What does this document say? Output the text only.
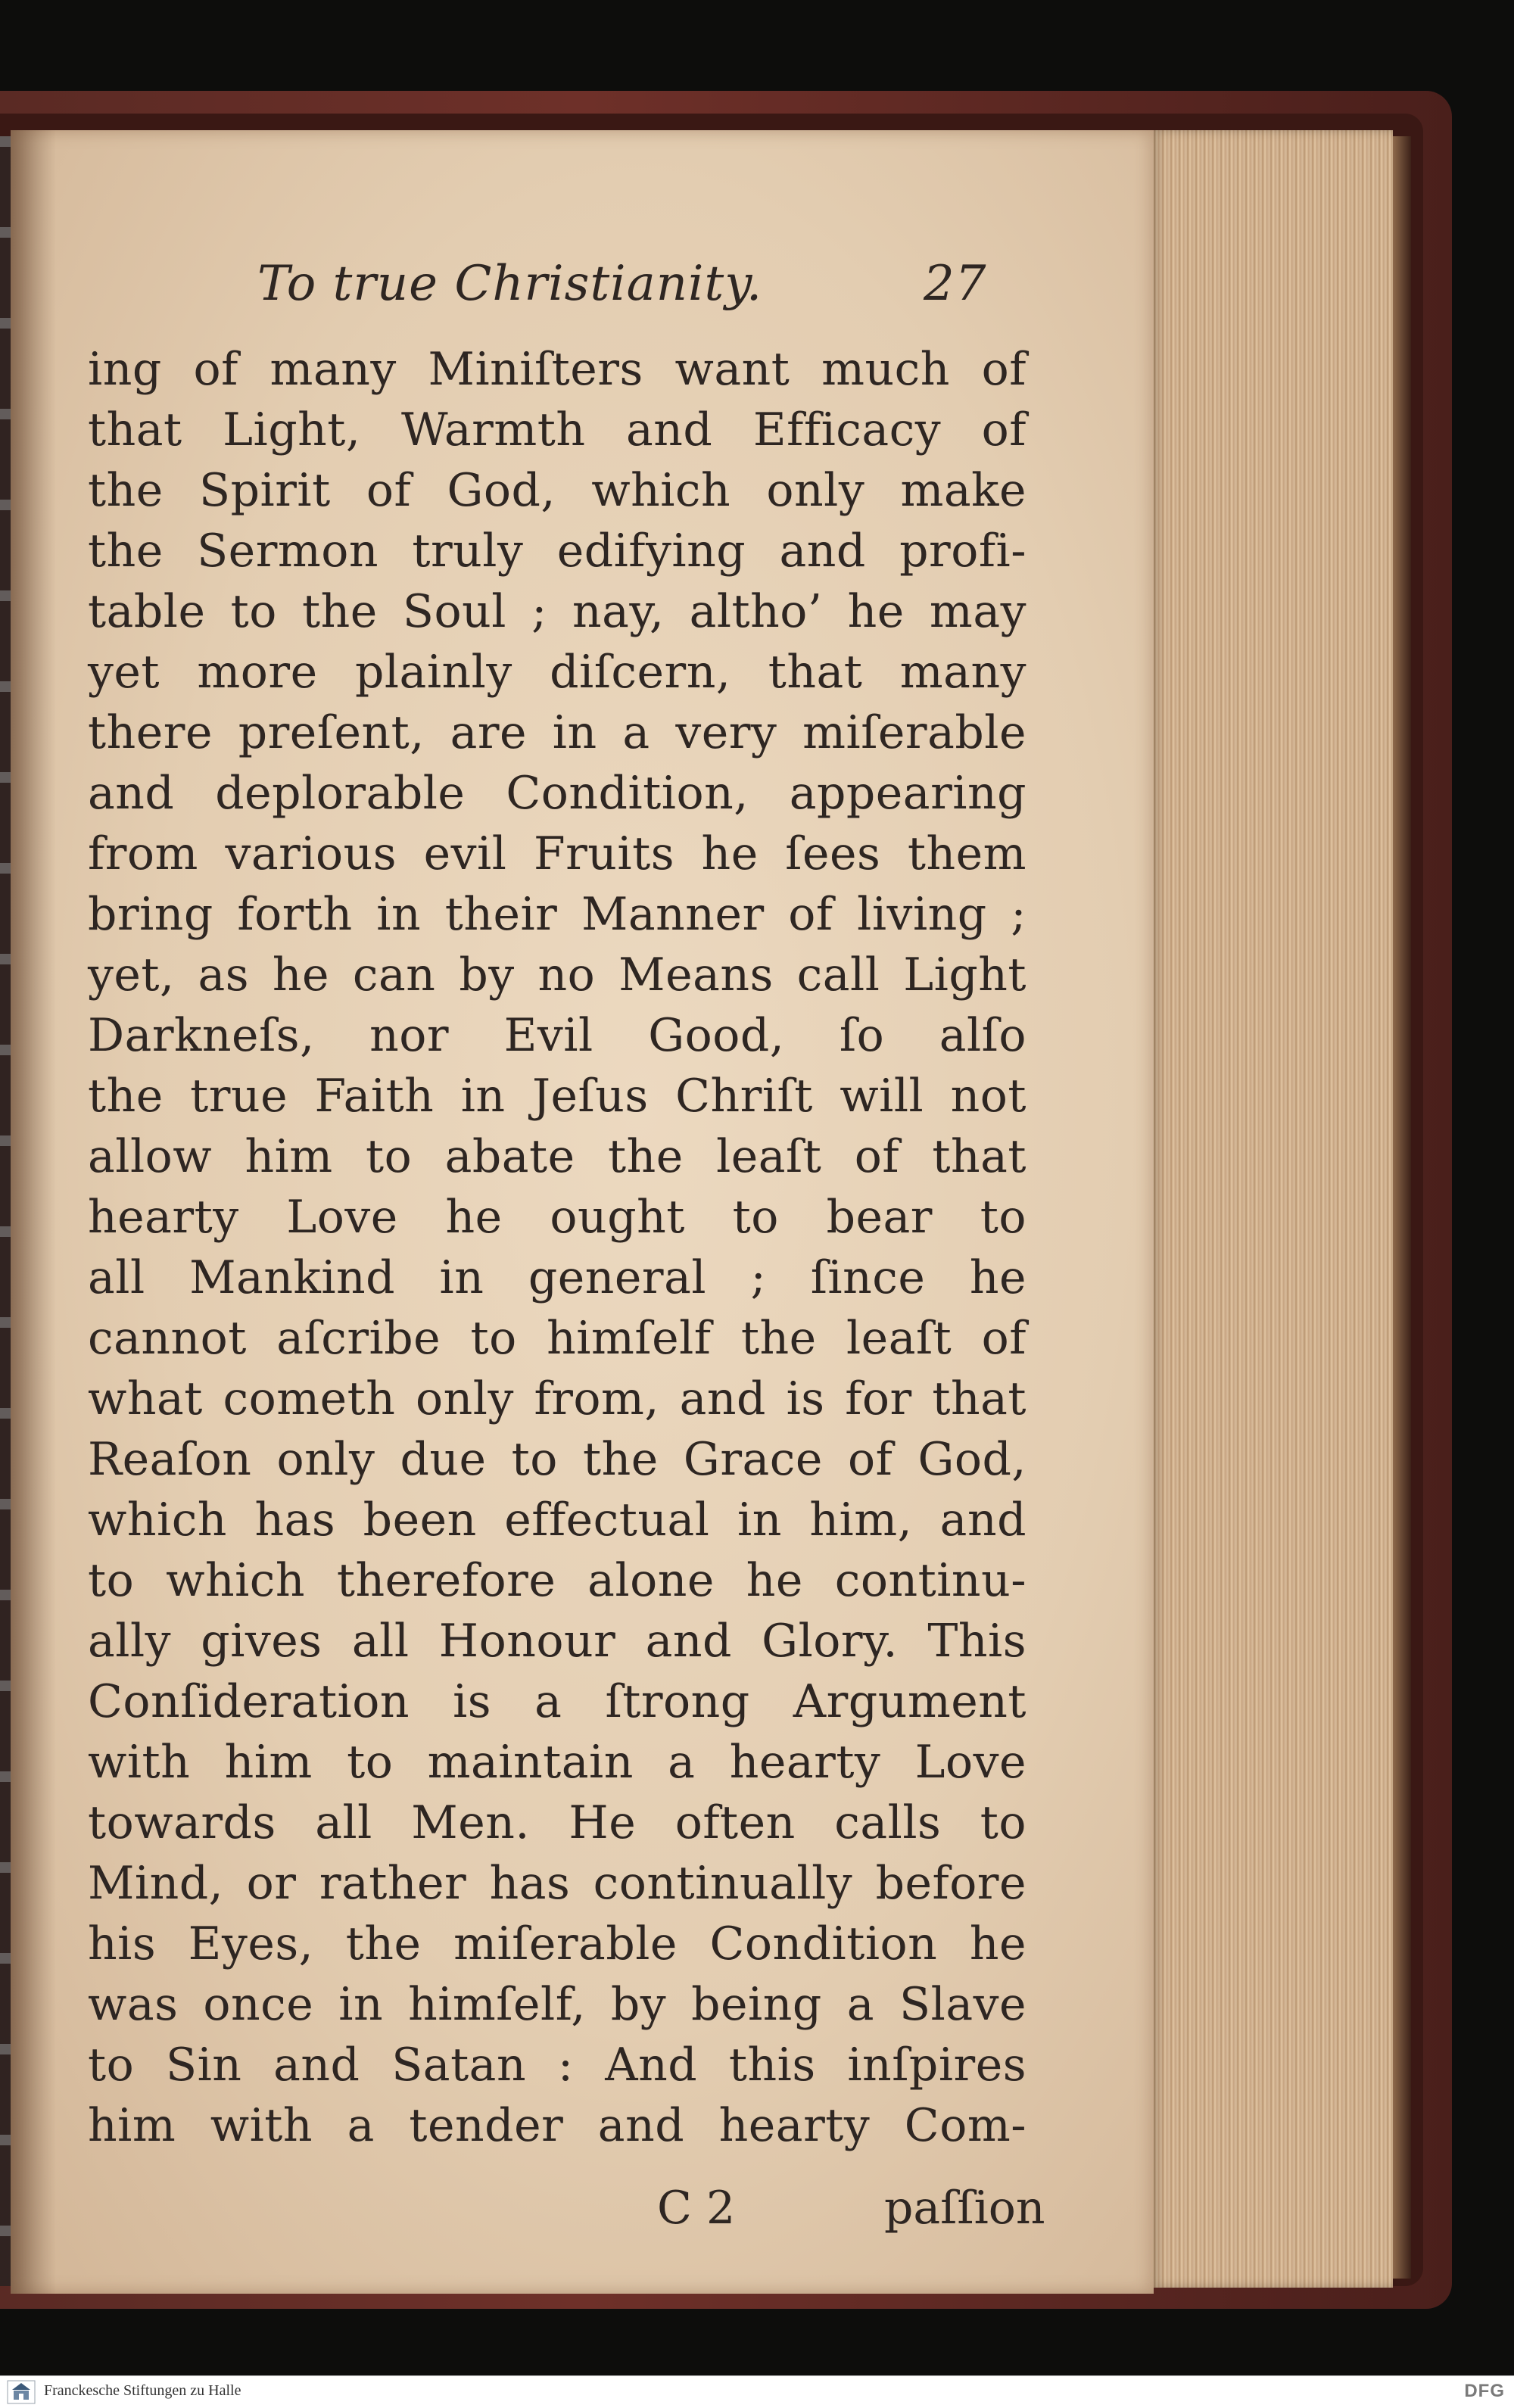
To true Christianity.	27
ing of many Miniſters want much of
that Light, Warmth and Efficacy of
the Spirit of God, which only make
the Sermon truly edifying and profi-
table to the Soul ; nay, altho’ he may
yet more plainly diſcern, that many
there preſent, are in a very miſerable
and deplorable Condition, appearing
from various evil Fruits he ſees them
bring forth in their Manner of living ;
yet, as he can by no Means call Light
Darkneſs, nor Evil Good, ſo alſo
the true Faith in Jeſus Chriſt will not
allow him to abate the leaſt of that
hearty Love he ought to bear to
all Mankind in general ; ſince he
cannot aſcribe to himſelf the leaſt of
what cometh only from, and is for that
Reaſon only due to the Grace of God,
which has been effectual in him, and
to which therefore alone he continu-
ally gives all Honour and Glory. This
Conſideration is a ſtrong Argument
with him to maintain a hearty Love
towards all Men. He often calls to
Mind, or rather has continually before
his Eyes, the miſerable Condition he
was once in himſelf, by being a Slave
to Sin and Satan : And this inſpires
him with a tender and hearty Com-
C 2	paſſion
Franckesche Stiftungen zu Halle	DFG
